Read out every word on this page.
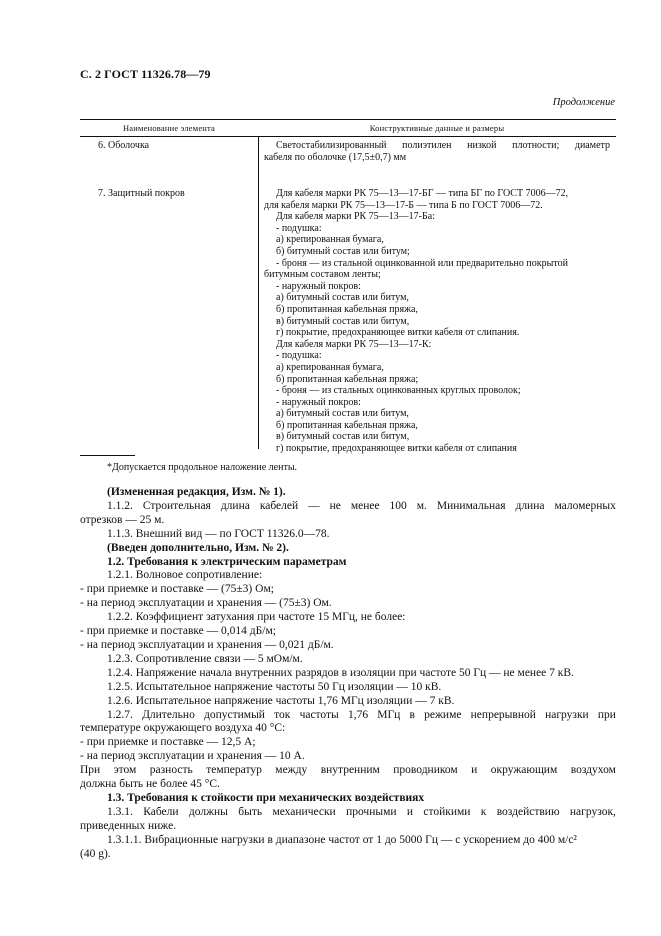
С. 2 ГОСТ 11326.78—79
Продолжение
Наименование элемента	Конструктивные данные и размеры
6. Оболочка	Светостабилизированный полиэтилен низкой плотности; диаметр
кабеля по оболочке (17,5±0,7) мм
7. Защитный покров	Для кабеля марки РК 75—13—17-БГ — типа БГ по ГОСТ 7006—72,
для кабеля марки РК 75—13—17-Б — типа Б по ГОСТ 7006—72.
Для кабеля марки РК 75—13—17-Ба:
- подушка:
а) крепированная бумага,
б) битумный состав или битум;
- броня — из стальной оцинкованной или предварительно покрытой
битумным составом ленты;
- наружный покров:
а) битумный состав или битум,
б) пропитанная кабельная пряжа,
в) битумный состав или битум,
г) покрытие, предохраняющее витки кабеля от слипания.
Для кабеля марки РК 75—13—17-К:
- подушка:
а) крепированная бумага,
б) пропитанная кабельная пряжа;
- броня — из стальных оцинкованных круглых проволок;
- наружный покров:
а) битумный состав или битум,
б) пропитанная кабельная пряжа,
в) битумный состав или битум,
г) покрытие, предохраняющее витки кабеля от слипания
*Допускается продольное наложение ленты.
(Измененная редакция, Изм. № 1).
1.1.2. Строительная длина кабелей — не менее 100 м. Минимальная длина маломерных
отрезков — 25 м.
1.1.3. Внешний вид — по ГОСТ 11326.0—78.
(Введен дополнительно, Изм. № 2).
1.2. Требования к электрическим параметрам
1.2.1. Волновое сопротивление:
- при приемке и поставке — (75±3) Ом;
- на период эксплуатации и хранения — (75±3) Ом.
1.2.2. Коэффициент затухания при частоте 15 МГц, не более:
- при приемке и поставке — 0,014 дБ/м;
- на период эксплуатации и хранения — 0,021 дБ/м.
1.2.3. Сопротивление связи — 5 мОм/м.
1.2.4. Напряжение начала внутренних разрядов в изоляции при частоте 50 Гц — не менее 7 кВ.
1.2.5. Испытательное напряжение частоты 50 Гц изоляции — 10 кВ.
1.2.6. Испытательное напряжение частоты 1,76 МГц изоляции — 7 кВ.
1.2.7. Длительно допустимый ток частоты 1,76 МГц в режиме непрерывной нагрузки при
температуре окружающего воздуха 40 °С:
- при приемке и поставке — 12,5 А;
- на период эксплуатации и хранения — 10 А.
При этом разность температур между внутренним проводником и окружающим воздухом
должна быть не более 45 °С.
1.3. Требования к стойкости при механических воздействиях
1.3.1. Кабели должны быть механически прочными и стойкими к воздействию нагрузок,
приведенных ниже.
1.3.1.1. Вибрационные нагрузки в диапазоне частот от 1 до 5000 Гц — с ускорением до 400 м/с²
(40 g).
